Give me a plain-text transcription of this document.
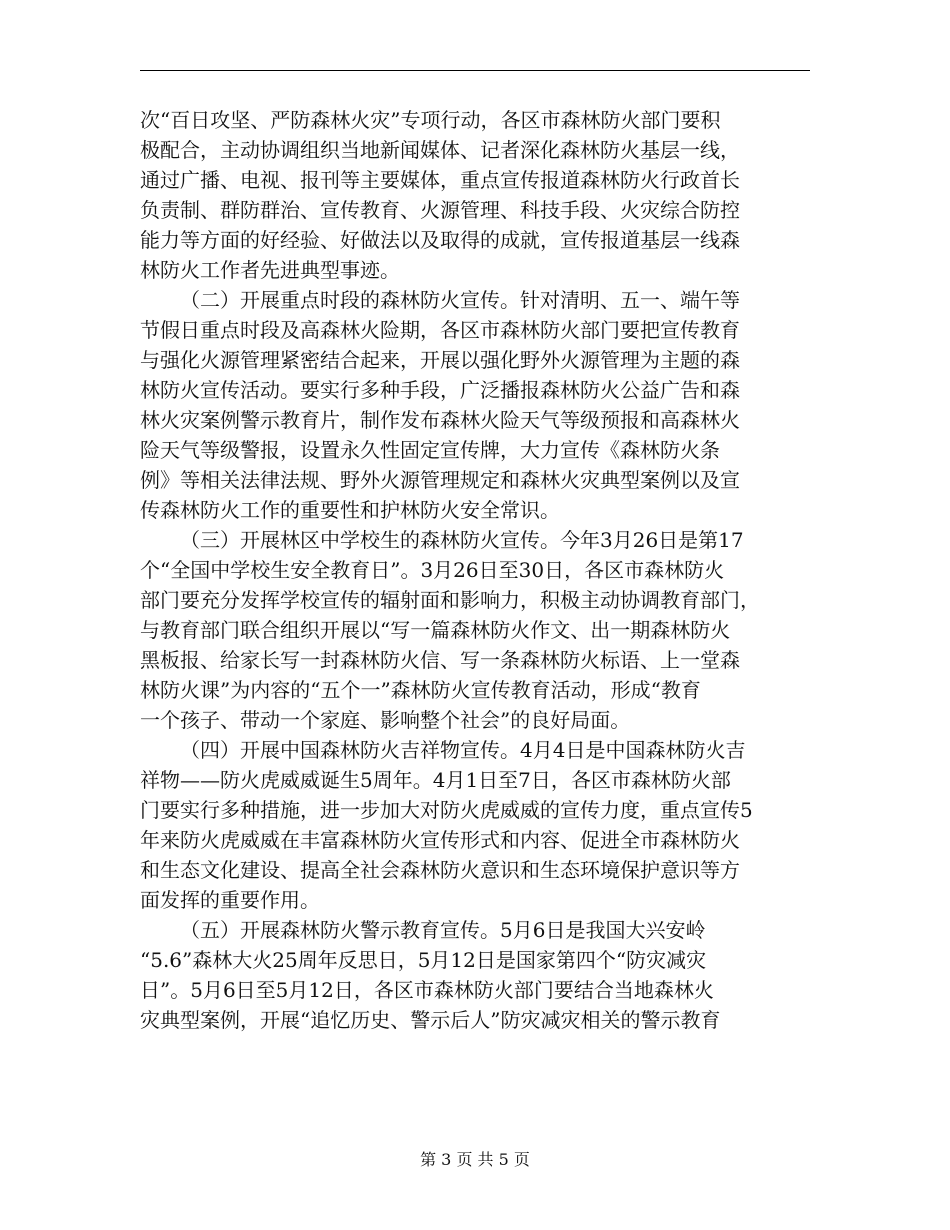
次“百日攻坚、严防森林火灾”专项行动，各区市森林防火部门要积
极配合，主动协调组织当地新闻媒体、记者深化森林防火基层一线，
通过广播、电视、报刊等主要媒体，重点宣传报道森林防火行政首长
负责制、群防群治、宣传教育、火源管理、科技手段、火灾综合防控
能力等方面的好经验、好做法以及取得的成就，宣传报道基层一线森
林防火工作者先进典型事迹。
（二）开展重点时段的森林防火宣传。针对清明、五一、端午等
节假日重点时段及高森林火险期，各区市森林防火部门要把宣传教育
与强化火源管理紧密结合起来，开展以强化野外火源管理为主题的森
林防火宣传活动。要实行多种手段，广泛播报森林防火公益广告和森
林火灾案例警示教育片，制作发布森林火险天气等级预报和高森林火
险天气等级警报，设置永久性固定宣传牌，大力宣传《森林防火条
例》等相关法律法规、野外火源管理规定和森林火灾典型案例以及宣
传森林防火工作的重要性和护林防火安全常识。
（三）开展林区中学校生的森林防火宣传。今年3月26日是第17
个“全国中学校生安全教育日”。3月26日至30日，各区市森林防火
部门要充分发挥学校宣传的辐射面和影响力，积极主动协调教育部门，
与教育部门联合组织开展以“写一篇森林防火作文、出一期森林防火
黑板报、给家长写一封森林防火信、写一条森林防火标语、上一堂森
林防火课”为内容的“五个一”森林防火宣传教育活动，形成“教育
一个孩子、带动一个家庭、影响整个社会”的良好局面。
（四）开展中国森林防火吉祥物宣传。4月4日是中国森林防火吉
祥物——防火虎威威诞生5周年。4月1日至7日，各区市森林防火部
门要实行多种措施，进一步加大对防火虎威威的宣传力度，重点宣传5
年来防火虎威威在丰富森林防火宣传形式和内容、促进全市森林防火
和生态文化建设、提高全社会森林防火意识和生态环境保护意识等方
面发挥的重要作用。
（五）开展森林防火警示教育宣传。5月6日是我国大兴安岭
“5.6”森林大火25周年反思日，5月12日是国家第四个“防灾减灾
日”。5月6日至5月12日，各区市森林防火部门要结合当地森林火
灾典型案例，开展“追忆历史、警示后人”防灾减灾相关的警示教育
第 3 页 共 5 页
